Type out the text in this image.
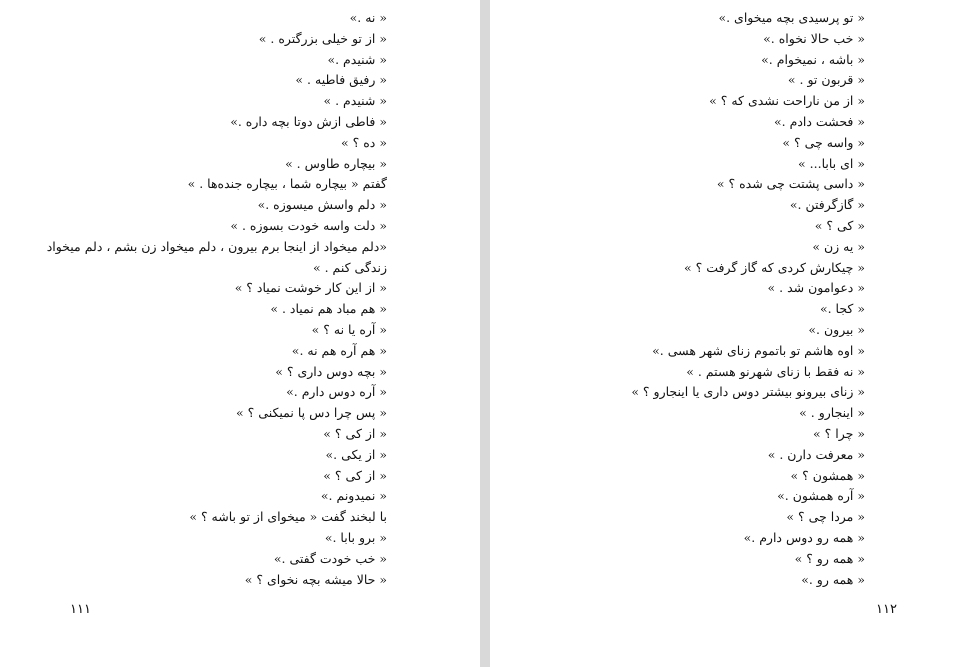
« نه .»
« از تو خیلی بزرگتره . »
« شنیدم .»
« رفیق فاطیه . »
« شنیدم . »
« فاطی ازش دوتا بچه داره .»
« ده ؟ »
« بیچاره طاوس . »
گفتم « بیچاره شما ، بیچاره جنده‌ها . »
« دلم واسش میسوزه .»
« دلت واسه خودت بسوزه . »
«دلم میخواد از اینجا برم بیرون ، دلم میخواد زن بشم ، دلم میخواد
زندگی کنم . »
« از این کار خوشت نمیاد ؟ »
« هم مباد هم نمیاد . »
« آره یا نه ؟ »
« هم آره هم نه .»
« بچه دوس داری ؟ »
« آره دوس دارم .»
« پس چرا دس پا نمیکنی ؟ »
« از کی ؟ »
« از یکی .»
« از کی ؟ »
« نمیدونم .»
با لبخند گفت « میخوای از تو باشه ؟ »
« برو بابا .»
« خب خودت گفتی .»
« حالا میشه بچه نخوای ؟ »
۱۱۱
« تو پرسیدی بچه میخوای .»
« خب حالا نخواه .»
« باشه ، نمیخوام .»
« قربون تو . »
« از من ناراحت نشدی که ؟ »
« فحشت دادم .»
« واسه چی ؟ »
« ای بابا... »
« داسی پشتت چی شده ؟ »
« گازگرفتن .»
« کی ؟ »
« یه زن »
« چیکارش کردی که گاز گرفت ؟ »
« دعوامون شد . »
« کجا .»
« بیرون .»
« اوه هاشم تو باتموم زنای شهر هسی .»
« نه فقط با زنای شهرنو هستم . »
« زنای بیرونو بیشتر دوس داری یا اینجارو ؟ »
« اینجارو . »
« چرا ؟ »
« معرفت دارن . »
« همشون ؟ »
« آره همشون .»
« مردا چی ؟ »
« همه رو دوس دارم .»
« همه رو ؟ »
« همه رو .»
۱۱۲
